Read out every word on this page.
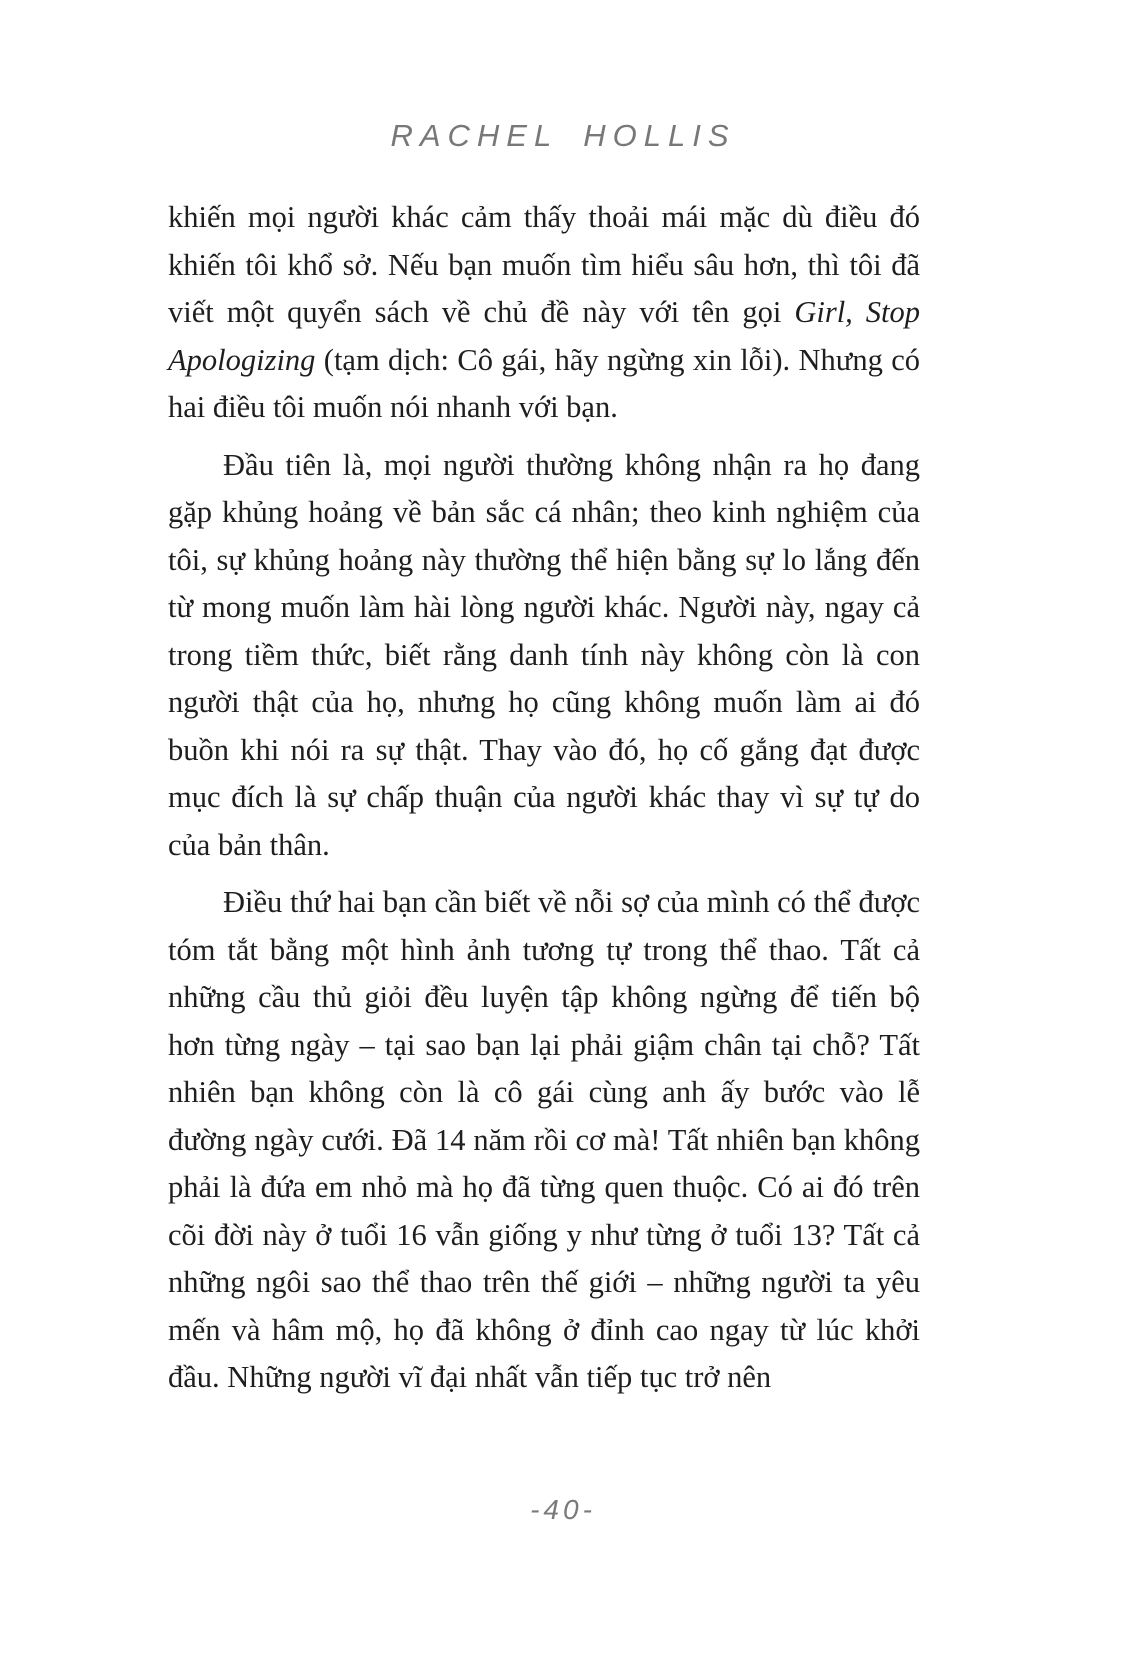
RACHEL HOLLIS

khiến mọi người khác cảm thấy thoải mái mặc dù điều đó khiến tôi khổ sở. Nếu bạn muốn tìm hiểu sâu hơn, thì tôi đã viết một quyển sách về chủ đề này với tên gọi Girl, Stop Apologizing (tạm dịch: Cô gái, hãy ngừng xin lỗi). Nhưng có hai điều tôi muốn nói nhanh với bạn.

Đầu tiên là, mọi người thường không nhận ra họ đang gặp khủng hoảng về bản sắc cá nhân; theo kinh nghiệm của tôi, sự khủng hoảng này thường thể hiện bằng sự lo lắng đến từ mong muốn làm hài lòng người khác. Người này, ngay cả trong tiềm thức, biết rằng danh tính này không còn là con người thật của họ, nhưng họ cũng không muốn làm ai đó buồn khi nói ra sự thật. Thay vào đó, họ cố gắng đạt được mục đích là sự chấp thuận của người khác thay vì sự tự do của bản thân.

Điều thứ hai bạn cần biết về nỗi sợ của mình có thể được tóm tắt bằng một hình ảnh tương tự trong thể thao. Tất cả những cầu thủ giỏi đều luyện tập không ngừng để tiến bộ hơn từng ngày – tại sao bạn lại phải giậm chân tại chỗ? Tất nhiên bạn không còn là cô gái cùng anh ấy bước vào lễ đường ngày cưới. Đã 14 năm rồi cơ mà! Tất nhiên bạn không phải là đứa em nhỏ mà họ đã từng quen thuộc. Có ai đó trên cõi đời này ở tuổi 16 vẫn giống y như từng ở tuổi 13? Tất cả những ngôi sao thể thao trên thế giới – những người ta yêu mến và hâm mộ, họ đã không ở đỉnh cao ngay từ lúc khởi đầu. Những người vĩ đại nhất vẫn tiếp tục trở nên

-40-
